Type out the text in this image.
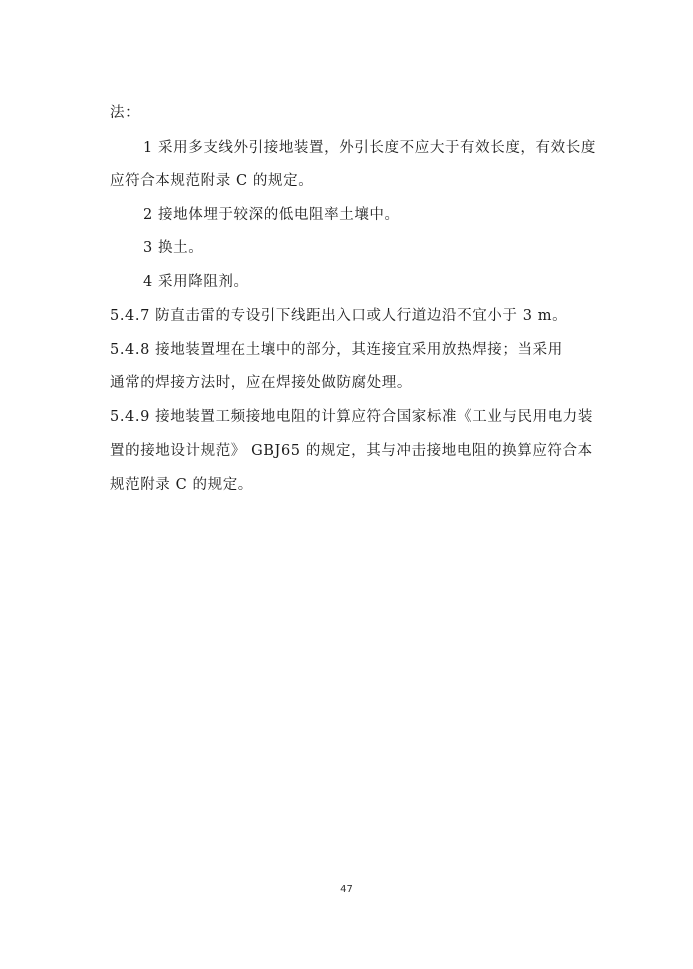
法：
1 采用多支线外引接地装置，外引长度不应大于有效长度，有效长度
应符合本规范附录 C 的规定。
2 接地体埋于较深的低电阻率土壤中。
3 换土。
4 采用降阻剂。
5.4.7 防直击雷的专设引下线距出入口或人行道边沿不宜小于 3 m。
5.4.8 接地装置埋在土壤中的部分，其连接宜采用放热焊接；当采用
通常的焊接方法时，应在焊接处做防腐处理。
5.4.9 接地装置工频接地电阻的计算应符合国家标准《工业与民用电力装
置的接地设计规范》 GBJ65 的规定，其与冲击接地电阻的换算应符合本
规范附录 C 的规定。
47
